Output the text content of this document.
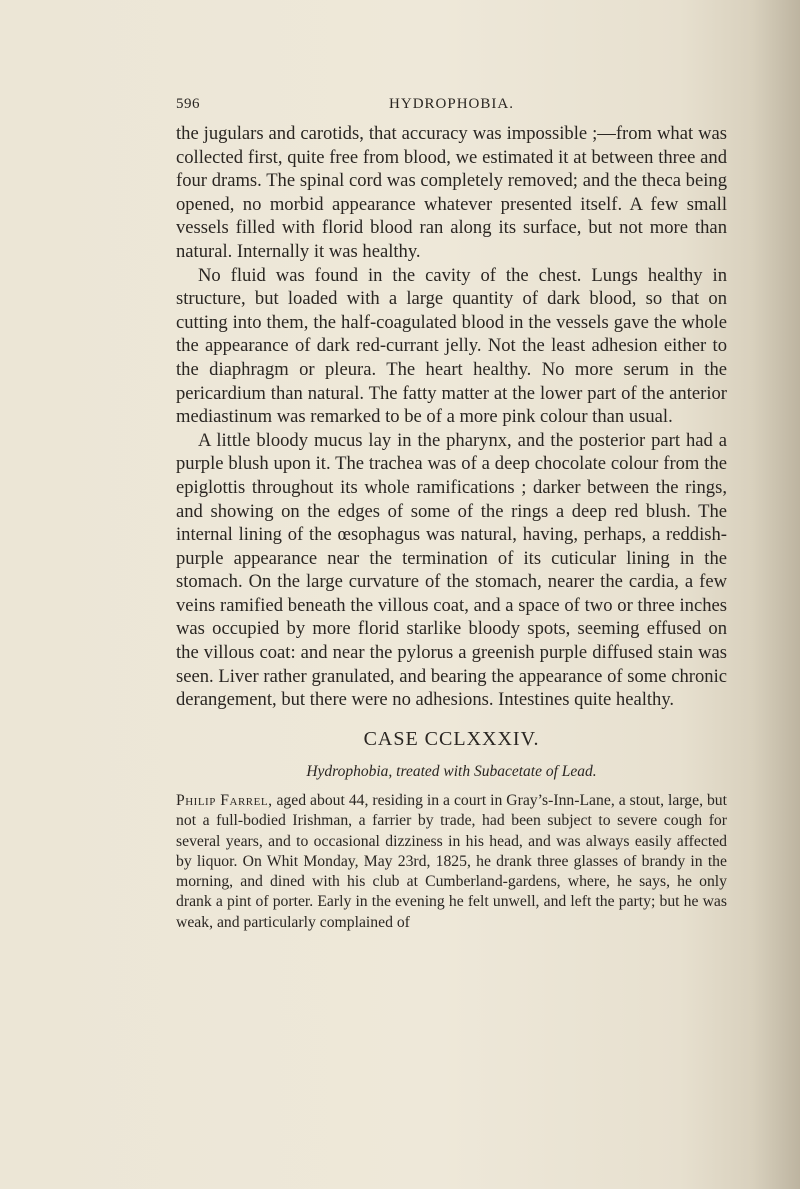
596	HYDROPHOBIA.

the jugulars and carotids, that accuracy was impossible ;—from what was collected first, quite free from blood, we estimated it at between three and four drams. The spinal cord was completely removed; and the theca being opened, no morbid appearance whatever presented itself. A few small vessels filled with florid blood ran along its surface, but not more than natural. Internally it was healthy.

No fluid was found in the cavity of the chest. Lungs healthy in structure, but loaded with a large quantity of dark blood, so that on cutting into them, the half-coagulated blood in the vessels gave the whole the appearance of dark red-currant jelly. Not the least adhesion either to the diaphragm or pleura. The heart healthy. No more serum in the pericardium than natural. The fatty matter at the lower part of the anterior mediastinum was remarked to be of a more pink colour than usual.

A little bloody mucus lay in the pharynx, and the posterior part had a purple blush upon it. The trachea was of a deep chocolate colour from the epiglottis throughout its whole ramifications ; darker between the rings, and showing on the edges of some of the rings a deep red blush. The internal lining of the œsophagus was natural, having, perhaps, a reddish-purple appearance near the termination of its cuticular lining in the stomach. On the large curvature of the stomach, nearer the cardia, a few veins ramified beneath the villous coat, and a space of two or three inches was occupied by more florid starlike bloody spots, seeming effused on the villous coat: and near the pylorus a greenish purple diffused stain was seen. Liver rather granulated, and bearing the appearance of some chronic derangement, but there were no adhesions. Intestines quite healthy.

CASE CCLXXXIV.
Hydrophobia, treated with Subacetate of Lead.

Philip Farrel, aged about 44, residing in a court in Gray’s-Inn-Lane, a stout, large, but not a full-bodied Irishman, a farrier by trade, had been subject to severe cough for several years, and to occasional dizziness in his head, and was always easily affected by liquor. On Whit Monday, May 23rd, 1825, he drank three glasses of brandy in the morning, and dined with his club at Cumberland-gardens, where, he says, he only drank a pint of porter. Early in the evening he felt unwell, and left the party; but he was weak, and particularly complained of
